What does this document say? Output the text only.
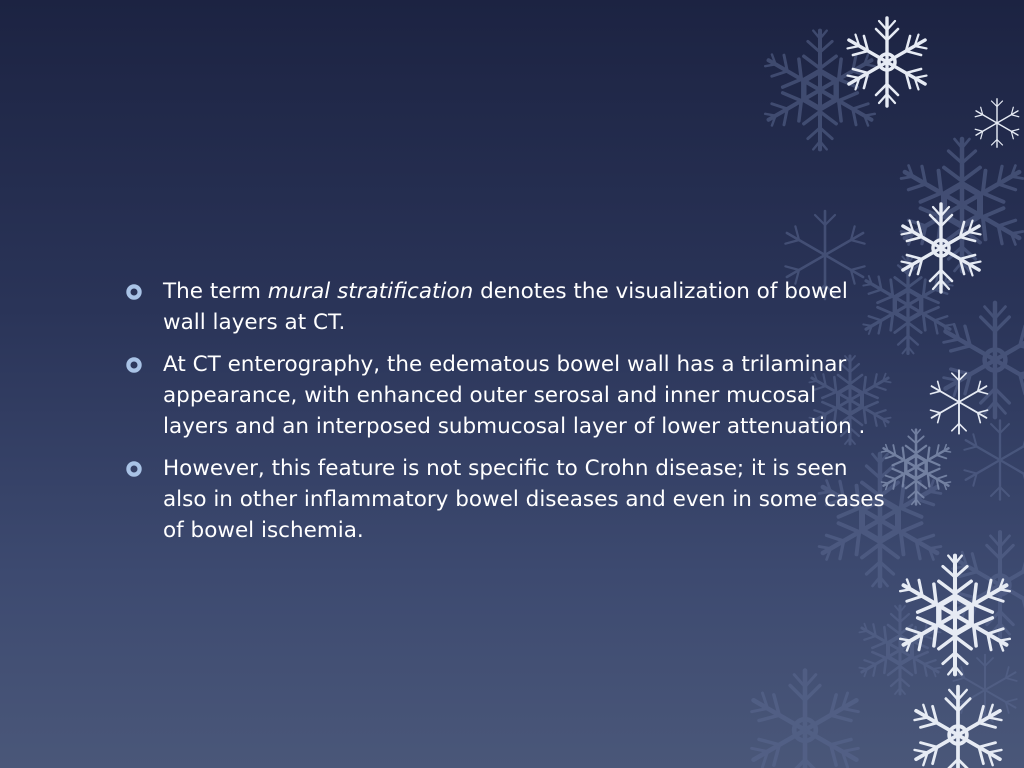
The term mural stratification denotes the visualization of bowel wall layers at CT.
At CT enterography, the edematous bowel wall has a trilaminar appearance, with enhanced outer serosal and inner mucosal layers and an interposed submucosal layer of lower attenuation .
However, this feature is not specific to Crohn disease; it is seen also in other inflammatory bowel diseases and even in some cases of bowel ischemia.
